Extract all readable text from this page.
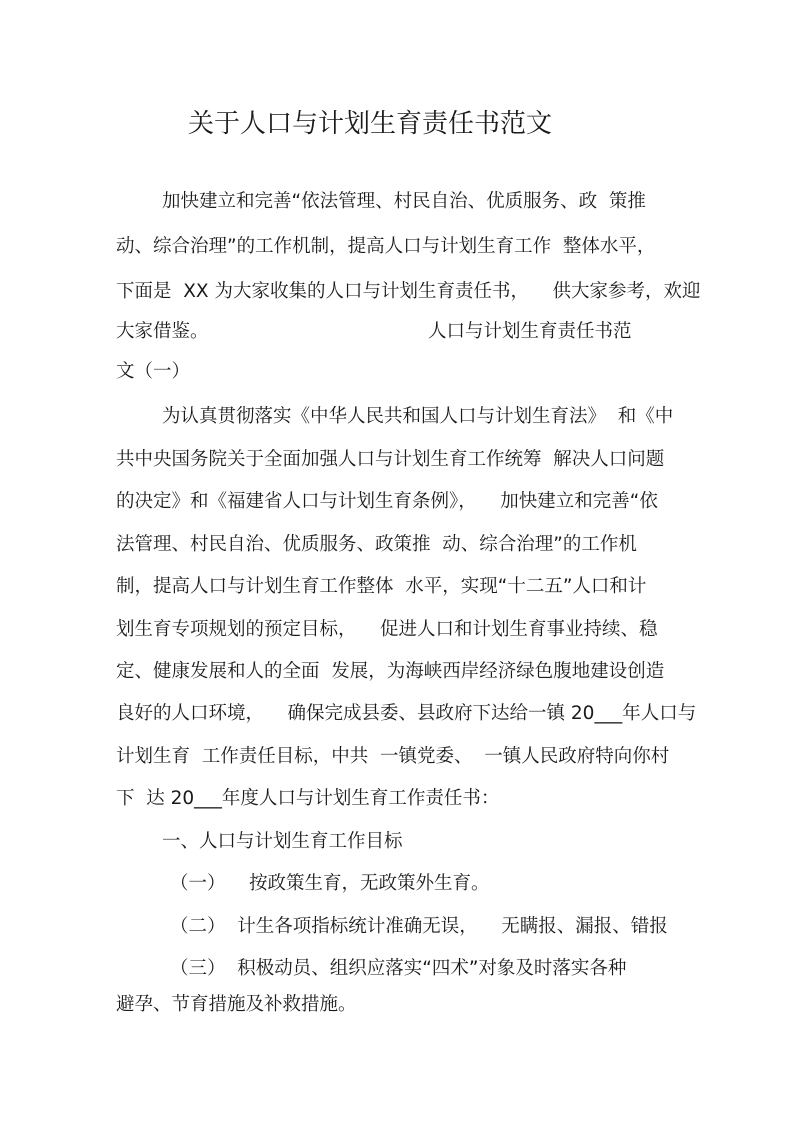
关于人口与计划生育责任书范文
加快建立和完善“依法管理、村民自治、优质服务、政  策推
动、综合治理”的工作机制，提高人口与计划生育工作  整体水平，
下面是  XX 为大家收集的人口与计划生育责任书，    供大家参考，欢迎
大家借鉴。	人口与计划生育责任书范
文（一）
为认真贯彻落实《中华人民共和国人口与计划生育法》  和《中
共中央国务院关于全面加强人口与计划生育工作统筹  解决人口问题
的决定》和《福建省人口与计划生育条例》，    加快建立和完善“依
法管理、村民自治、优质服务、政策推  动、综合治理”的工作机
制，提高人口与计划生育工作整体  水平，实现“十二五”人口和计
划生育专项规划的预定目标，    促进人口和计划生育事业持续、稳
定、健康发展和人的全面  发展，为海峡西岸经济绿色腹地建设创造
良好的人口环境，    确保完成县委、县政府下达给一镇 20___年人口与
计划生育  工作责任目标，中共  一镇党委、  一镇人民政府特向你村
下  达 20___年度人口与计划生育工作责任书：
一、人口与计划生育工作目标
（一）    按政策生育，无政策外生育。
（二）  计生各项指标统计准确无误，    无瞒报、漏报、错报
（三）  积极动员、组织应落实“四术”对象及时落实各种
避孕、节育措施及补救措施。
